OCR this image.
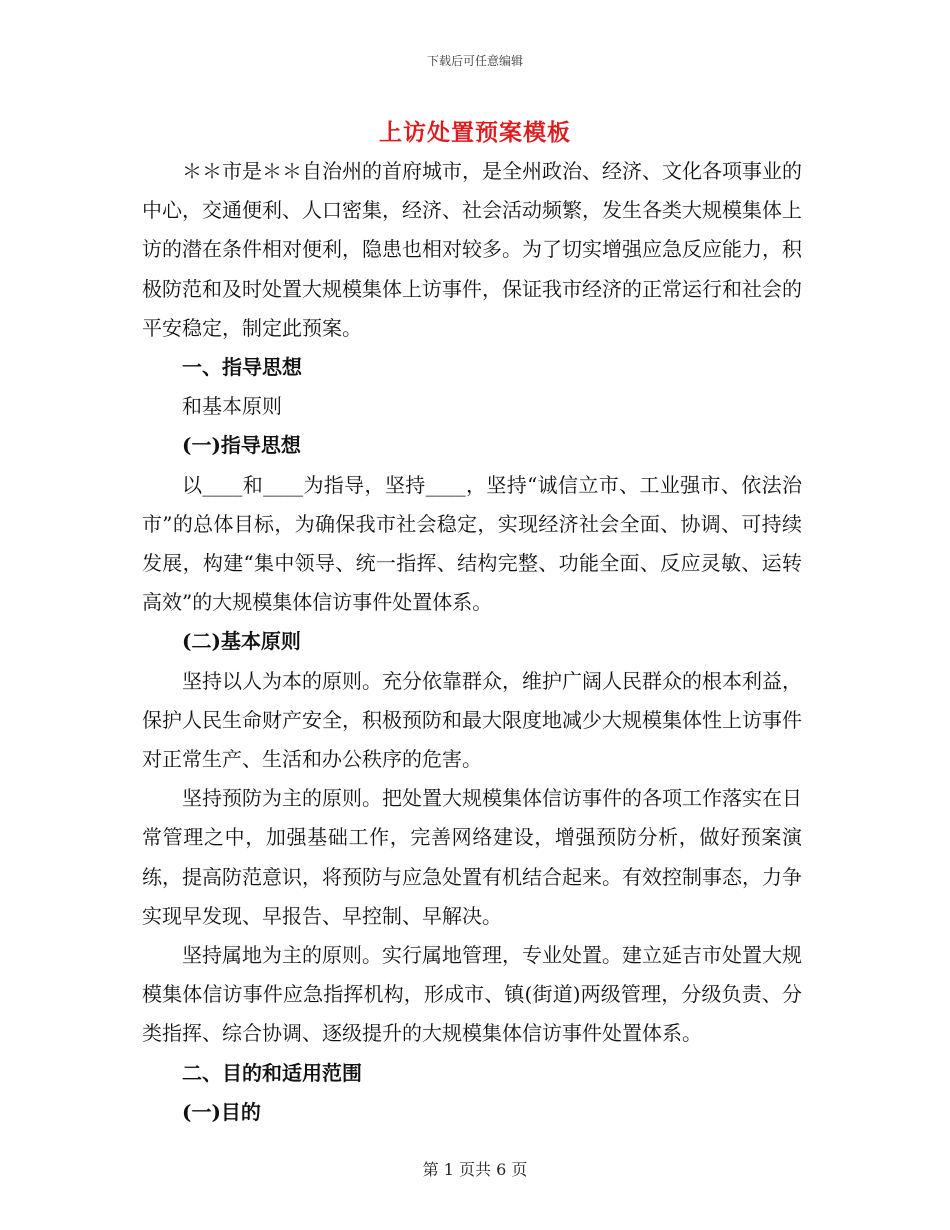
下载后可任意编辑
上访处置预案模板

＊＊市是＊＊自治州的首府城市，是全州政治、经济、文化各项事业的中心，交通便利、人口密集，经济、社会活动频繁，发生各类大规模集体上访的潜在条件相对便利，隐患也相对较多。为了切实增强应急反应能力，积极防范和及时处置大规模集体上访事件，保证我市经济的正常运行和社会的平安稳定，制定此预案。

一、指导思想

和基本原则

(一)指导思想

以____和____为指导，坚持____，坚持“诚信立市、工业强市、依法治市”的总体目标，为确保我市社会稳定，实现经济社会全面、协调、可持续发展，构建“集中领导、统一指挥、结构完整、功能全面、反应灵敏、运转高效”的大规模集体信访事件处置体系。

(二)基本原则

坚持以人为本的原则。充分依靠群众，维护广阔人民群众的根本利益，保护人民生命财产安全，积极预防和最大限度地减少大规模集体性上访事件对正常生产、生活和办公秩序的危害。

坚持预防为主的原则。把处置大规模集体信访事件的各项工作落实在日常管理之中，加强基础工作，完善网络建设，增强预防分析，做好预案演练，提高防范意识，将预防与应急处置有机结合起来。有效控制事态，力争实现早发现、早报告、早控制、早解决。

坚持属地为主的原则。实行属地管理，专业处置。建立延吉市处置大规模集体信访事件应急指挥机构，形成市、镇(街道)两级管理，分级负责、分类指挥、综合协调、逐级提升的大规模集体信访事件处置体系。

二、目的和适用范围

(一)目的

第 1 页共 6 页
